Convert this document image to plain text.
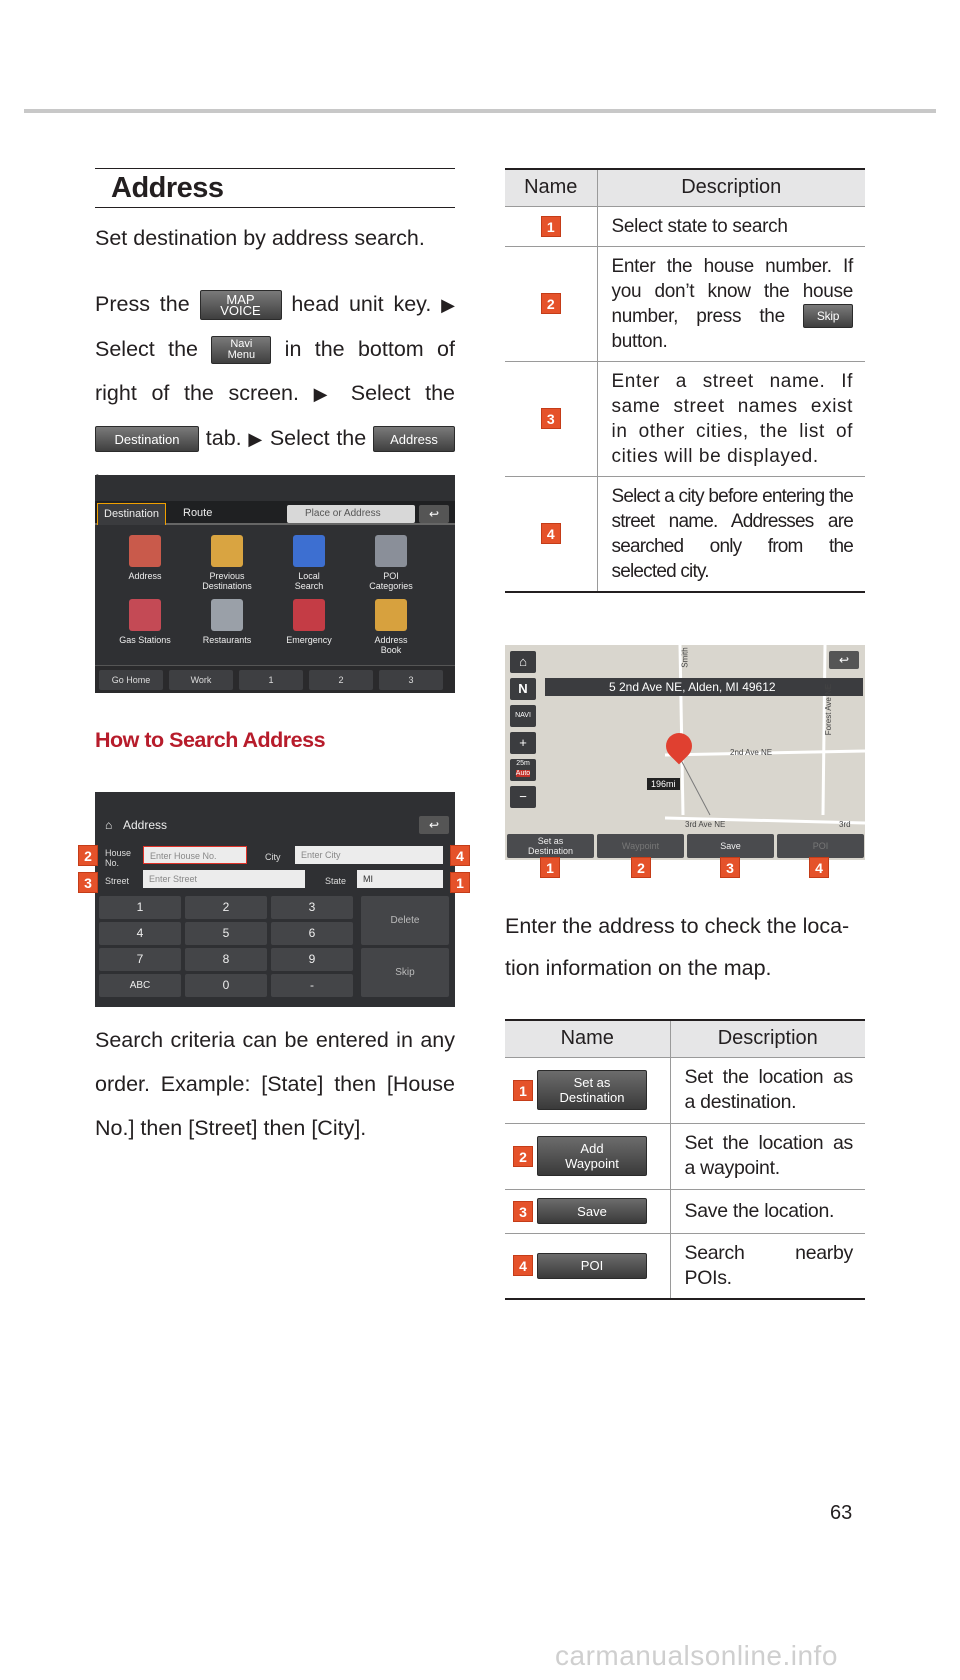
Address

Set destination by address search.

Press the	MAP
VOICE head unit key. ▶ Select the	Navi
Menu in the bottom of right of the screen. ▶ Select the Destination tab. ▶ Select the Address

Destination	Route	Place or Address	↩
Address	Previous
Destinations
Local
Search
POI
Categories
Gas Stations	Restaurants	Emergency	Address
Book
Go Home	Work	1	2	3

How to Search Address

⌂ Address	↩
House
No.
Enter House No.	City	Enter City
Street	Enter Street	State	MI
1	2	3
4	5	6
7	8	9
ABC	0	-
Delete
Skip
2	4
3	1

Search criteria can be entered in any order. Example: [State] then [House No.] then [Street] then [City].

Name	Description
1	Select state to search
2	Enter the house number. If you don’t know the house number, press the Skip button.
3	Enter a street name. If same street names exist in other cities, the list of cities will be displayed.
4	Select a city before entering the street name. Addresses are searched only from the selected city.
⌂	↩
N
NAVI
+
25m
Auto
−
5 2nd Ave NE, Alden, MI 49612
196mi
2nd Ave NE
3rd Ave NE	3rd
Forest Ave NE
Smith
Set as
Destination	Waypoint	Save	POI
1	2	3	4

Enter the address to check the loca-

tion information on the map.

Name	Description
1 Set as
Destination	Set the location as a destination.
2 Add
Waypoint	Set the location as a waypoint.
3 Save	Save the location.
4 POI	Search nearby POIs.
63
carmanualsonline.info
